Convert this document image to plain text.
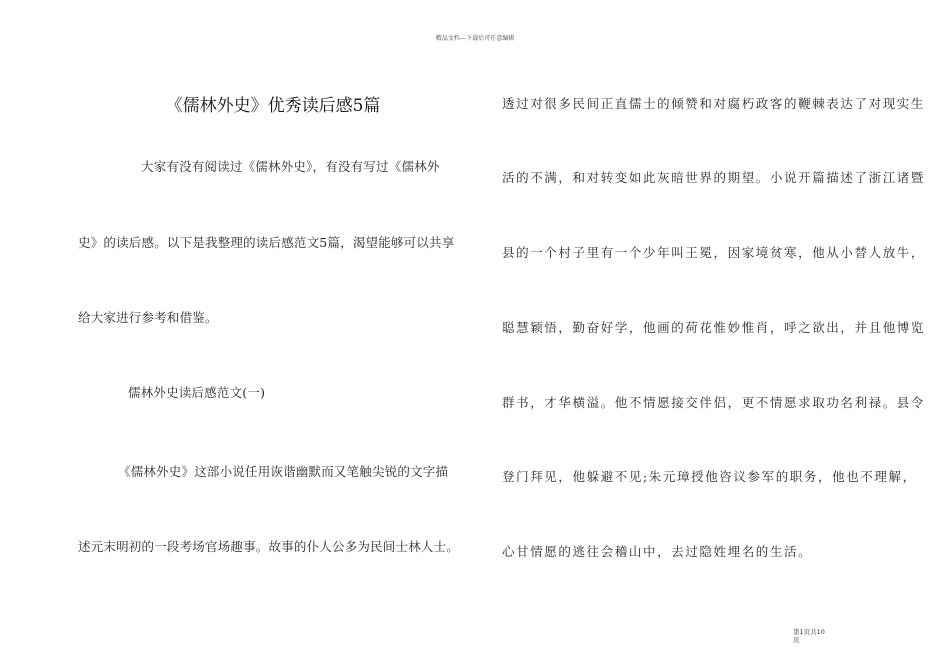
精品文档---下载后可任意编辑
《儒林外史》优秀读后感5篇
大家有没有阅读过《儒林外史》，有没有写过《儒林外
史》的读后感。以下是我整理的读后感范文5篇，渴望能够可以共享
给大家进行参考和借鉴。
儒林外史读后感范文(一)
《儒林外史》这部小说任用诙谐幽默而又笔触尖锐的文字描
述元末明初的一段考场官场趣事。故事的仆人公多为民间士林人士。
透过对很多民间正直儒士的倾赞和对腐朽政客的鞭棘表达了对现实生
活的不满，和对转变如此灰暗世界的期望。小说开篇描述了浙江诸暨
县的一个村子里有一个少年叫王冕，因家境贫寒，他从小替人放牛，
聪慧颖悟，勤奋好学，他画的荷花惟妙惟肖，呼之欲出，并且他博览
群书，才华横溢。他不情愿接交伴侣，更不情愿求取功名利禄。县令
登门拜见，他躲避不见;朱元璋授他咨议参军的职务，他也不理解，
心甘情愿的逃往会稽山中，去过隐姓埋名的生活。
第1页共10页
